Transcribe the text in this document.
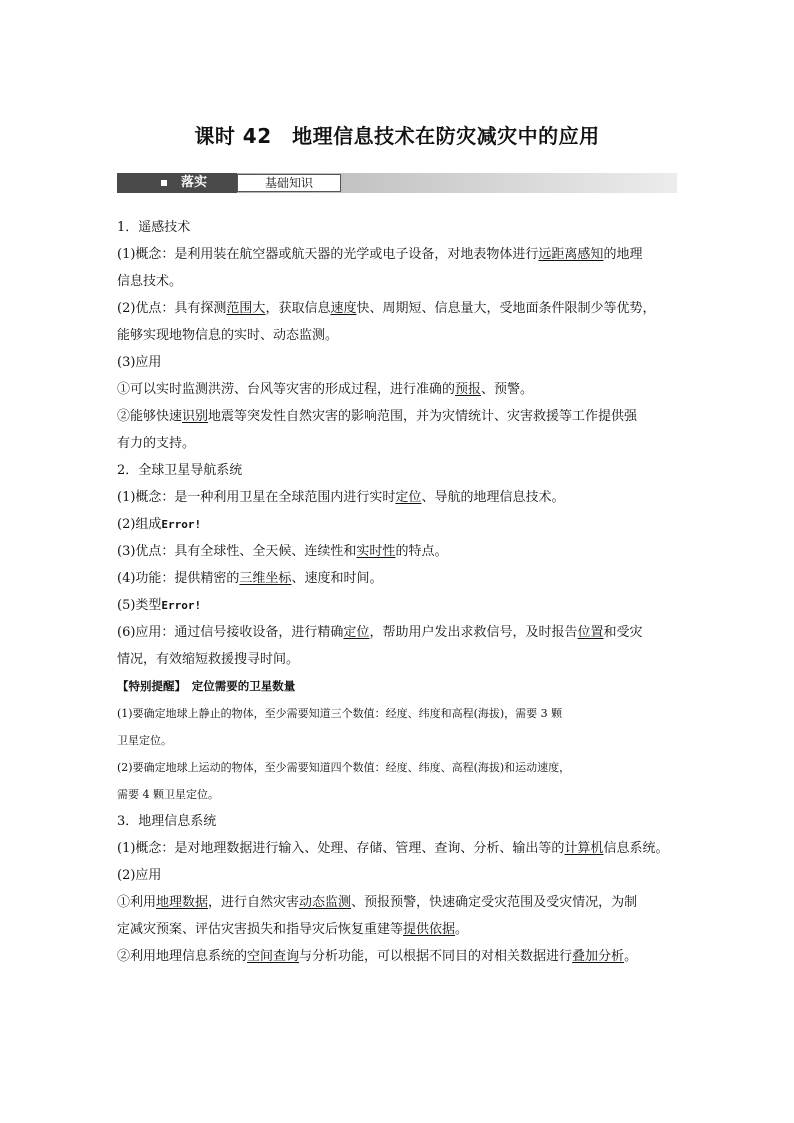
课时 42　地理信息技术在防灾减灾中的应用
落实	基础知识
1．遥感技术
(1)概念：是利用装在航空器或航天器的光学或电子设备，对地表物体进行远距离感知的地理
信息技术。
(2)优点：具有探测范围大，获取信息速度快、周期短、信息量大，受地面条件限制少等优势，
能够实现地物信息的实时、动态监测。
(3)应用
①可以实时监测洪涝、台风等灾害的形成过程，进行准确的预报、预警。
②能够快速识别地震等突发性自然灾害的影响范围，并为灾情统计、灾害救援等工作提供强
有力的支持。
2．全球卫星导航系统
(1)概念：是一种利用卫星在全球范围内进行实时定位、导航的地理信息技术。
(2)组成Error!
(3)优点：具有全球性、全天候、连续性和实时性的特点。
(4)功能：提供精密的三维坐标、速度和时间。
(5)类型Error!
(6)应用：通过信号接收设备，进行精确定位，帮助用户发出求救信号，及时报告位置和受灾
情况，有效缩短救援搜寻时间。
【特别提醒】　定位需要的卫星数量
(1)要确定地球上静止的物体，至少需要知道三个数值：经度、纬度和高程(海拔)，需要 3 颗
卫星定位。
(2)要确定地球上运动的物体，至少需要知道四个数值：经度、纬度、高程(海拔)和运动速度，
需要 4 颗卫星定位。
3．地理信息系统
(1)概念：是对地理数据进行输入、处理、存储、管理、查询、分析、输出等的计算机信息系统。
(2)应用
①利用地理数据，进行自然灾害动态监测、预报预警，快速确定受灾范围及受灾情况，为制
定减灾预案、评估灾害损失和指导灾后恢复重建等提供依据。
②利用地理信息系统的空间查询与分析功能，可以根据不同目的对相关数据进行叠加分析。
